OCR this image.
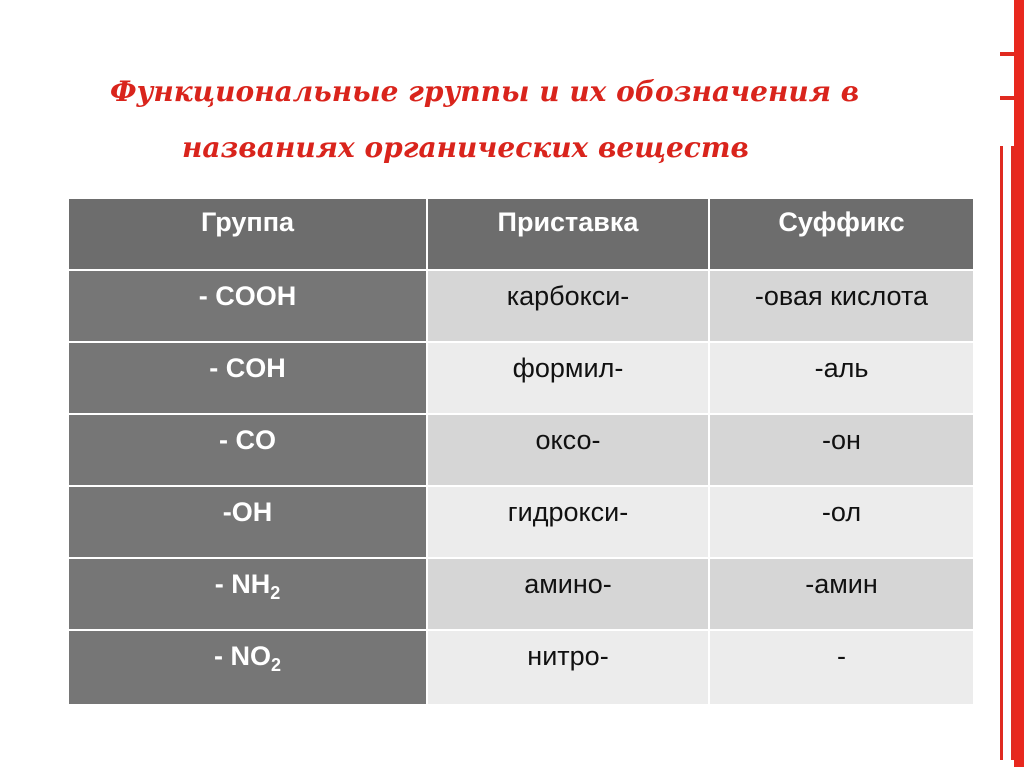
Функциональные группы и их обозначения в
названиях органических веществ
Группа	Приставка	Суффикс
- COOH	карбокси-	-овая кислота
- COH	формил-	-аль
- CO	оксо-	-он
-OH	гидрокси-	-ол
- $NH_2$	амино-	-амин
- $NO_2$	нитро-	-
